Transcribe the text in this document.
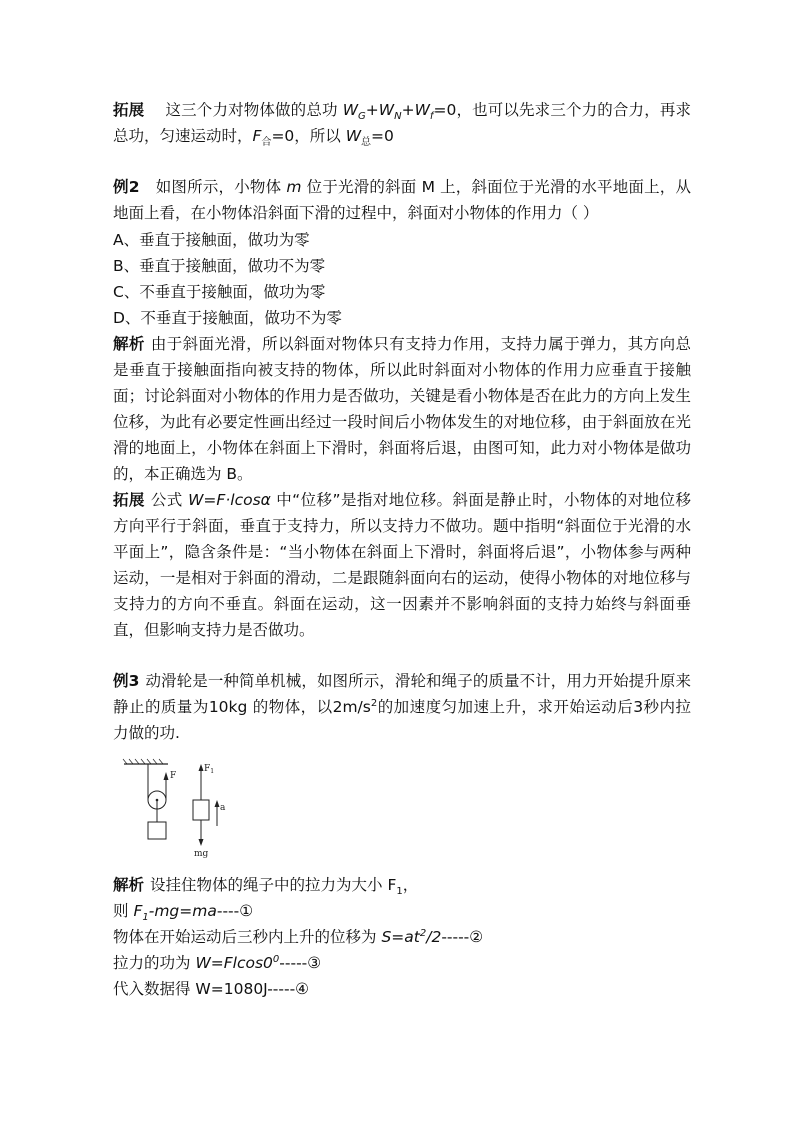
拓展 这三个力对物体做的总功 $W_G+W_N+W_f=0$，也可以先求三个力的合力，再求总功，匀速运动时，$F_合=0$，所以 $W_总=0$
例2 如图所示，小物体 m 位于光滑的斜面 M 上，斜面位于光滑的水平地面上，从地面上看，在小物体沿斜面下滑的过程中，斜面对小物体的作用力（ ）
A、垂直于接触面，做功为零
B、垂直于接触面，做功不为零
C、不垂直于接触面，做功为零
D、不垂直于接触面，做功不为零
解析 由于斜面光滑，所以斜面对物体只有支持力作用，支持力属于弹力，其方向总是垂直于接触面指向被支持的物体，所以此时斜面对小物体的作用力应垂直于接触面；讨论斜面对小物体的作用力是否做功，关键是看小物体是否在此力的方向上发生位移，为此有必要定性画出经过一段时间后小物体发生的对地位移，由于斜面放在光滑的地面上，小物体在斜面上下滑时，斜面将后退，由图可知，此力对小物体是做功的，本正确选为 B。
拓展 公式 W=F·lcosα 中“位移”是指对地位移。斜面是静止时，小物体的对地位移方向平行于斜面，垂直于支持力，所以支持力不做功。题中指明“斜面位于光滑的水平面上”，隐含条件是：“当小物体在斜面上下滑时，斜面将后退”，小物体参与两种运动，一是相对于斜面的滑动，二是跟随斜面向右的运动，使得小物体的对地位移与支持力的方向不垂直。斜面在运动，这一因素并不影响斜面的支持力始终与斜面垂直，但影响支持力是否做功。
例3 动滑轮是一种简单机械，如图所示，滑轮和绳子的质量不计，用力开始提升原来静止的质量为10kg 的物体，以$2m/s^2$的加速度匀加速上升，求开始运动后3秒内拉力做的功.
F
$F_1$
mg
a
解析 设挂住物体的绳子中的拉力为大小 $F_1$，
则 $F_1-mg=ma----①$
物体在开始运动后三秒内上升的位移为 $S=at^2/2-----②$
拉力的功为 $W=Flcos0^0-----③$
代入数据得 W=1080J-----④
